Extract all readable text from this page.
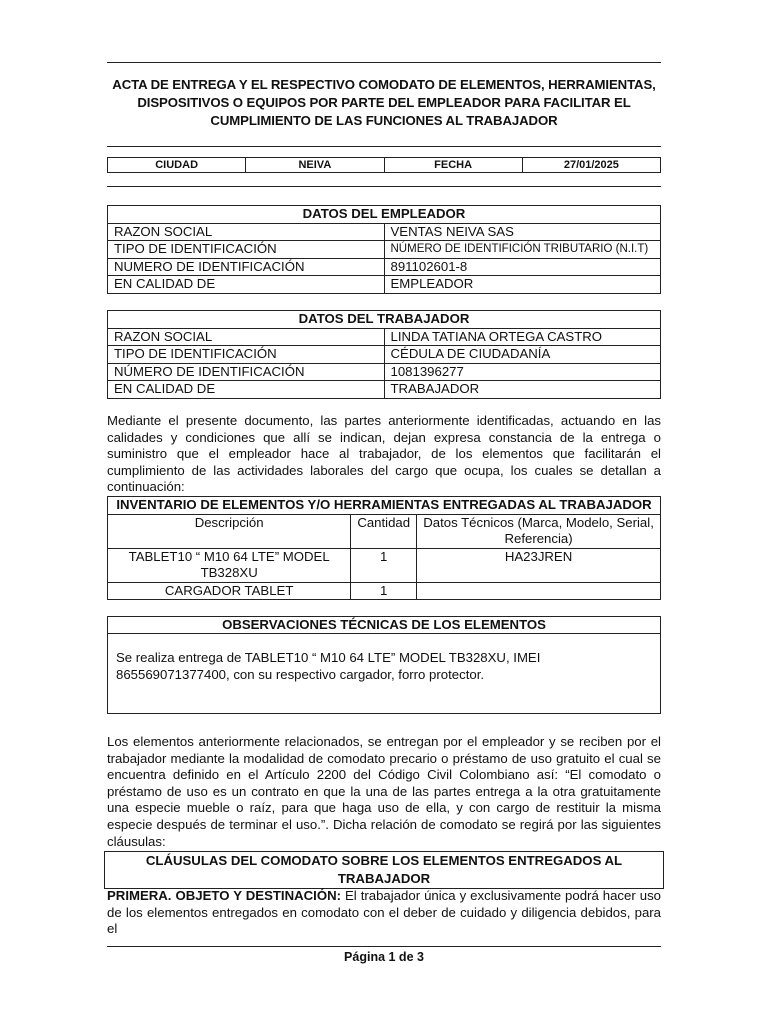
ACTA DE ENTREGA Y EL RESPECTIVO COMODATO DE ELEMENTOS, HERRAMIENTAS, DISPOSITIVOS O EQUIPOS POR PARTE DEL EMPLEADOR PARA FACILITAR EL CUMPLIMIENTO DE LAS FUNCIONES AL TRABAJADOR
CIUDAD	NEIVA	FECHA	27/01/2025
DATOS DEL EMPLEADOR	
RAZON SOCIAL	VENTAS NEIVA SAS
TIPO DE IDENTIFICACIÓN	NÚMERO DE IDENTIFICIÓN TRIBUTARIO (N.I.T)
NUMERO DE IDENTIFICACIÓN	891102601-8
EN CALIDAD DE	EMPLEADOR
DATOS DEL TRABAJADOR	
RAZON SOCIAL	LINDA TATIANA ORTEGA CASTRO
TIPO DE IDENTIFICACIÓN	CÉDULA DE CIUDADANÍA
NÚMERO DE IDENTIFICACIÓN	1081396277
EN CALIDAD DE	TRABAJADOR
Mediante el presente documento, las partes anteriormente identificadas, actuando en las calidades y condiciones que allí se indican, dejan expresa constancia de la entrega o suministro que el empleador hace al trabajador, de los elementos que facilitarán el cumplimiento de las actividades laborales del cargo que ocupa, los cuales se detallan a continuación:
INVENTARIO DE ELEMENTOS Y/O HERRAMIENTAS ENTREGADAS AL TRABAJADOR		
Descripción	Cantidad	Datos Técnicos (Marca, Modelo, Serial, Referencia)
TABLET10 “ M10 64 LTE” MODEL TB328XU	1	HA23JREN
CARGADOR TABLET	1	
OBSERVACIONES TÉCNICAS DE LOS ELEMENTOS
Se realiza entrega de TABLET10 “ M10 64 LTE” MODEL TB328XU, IMEI 865569071377400, con su respectivo cargador, forro protector.
Los elementos anteriormente relacionados, se entregan por el empleador y se reciben por el trabajador mediante la modalidad de comodato precario o préstamo de uso gratuito el cual se encuentra definido en el Artículo 2200 del Código Civil Colombiano así: “El comodato o préstamo de uso es un contrato en que la una de las partes entrega a la otra gratuitamente una especie mueble o raíz, para que haga uso de ella, y con cargo de restituir la misma especie después de terminar el uso.”. Dicha relación de comodato se regirá por las siguientes cláusulas:
CLÁUSULAS DEL COMODATO SOBRE LOS ELEMENTOS ENTREGADOS AL TRABAJADOR
PRIMERA. OBJETO Y DESTINACIÓN: El trabajador única y exclusivamente podrá hacer uso de los elementos entregados en comodato con el deber de cuidado y diligencia debidos, para el
Página 1 de 3
